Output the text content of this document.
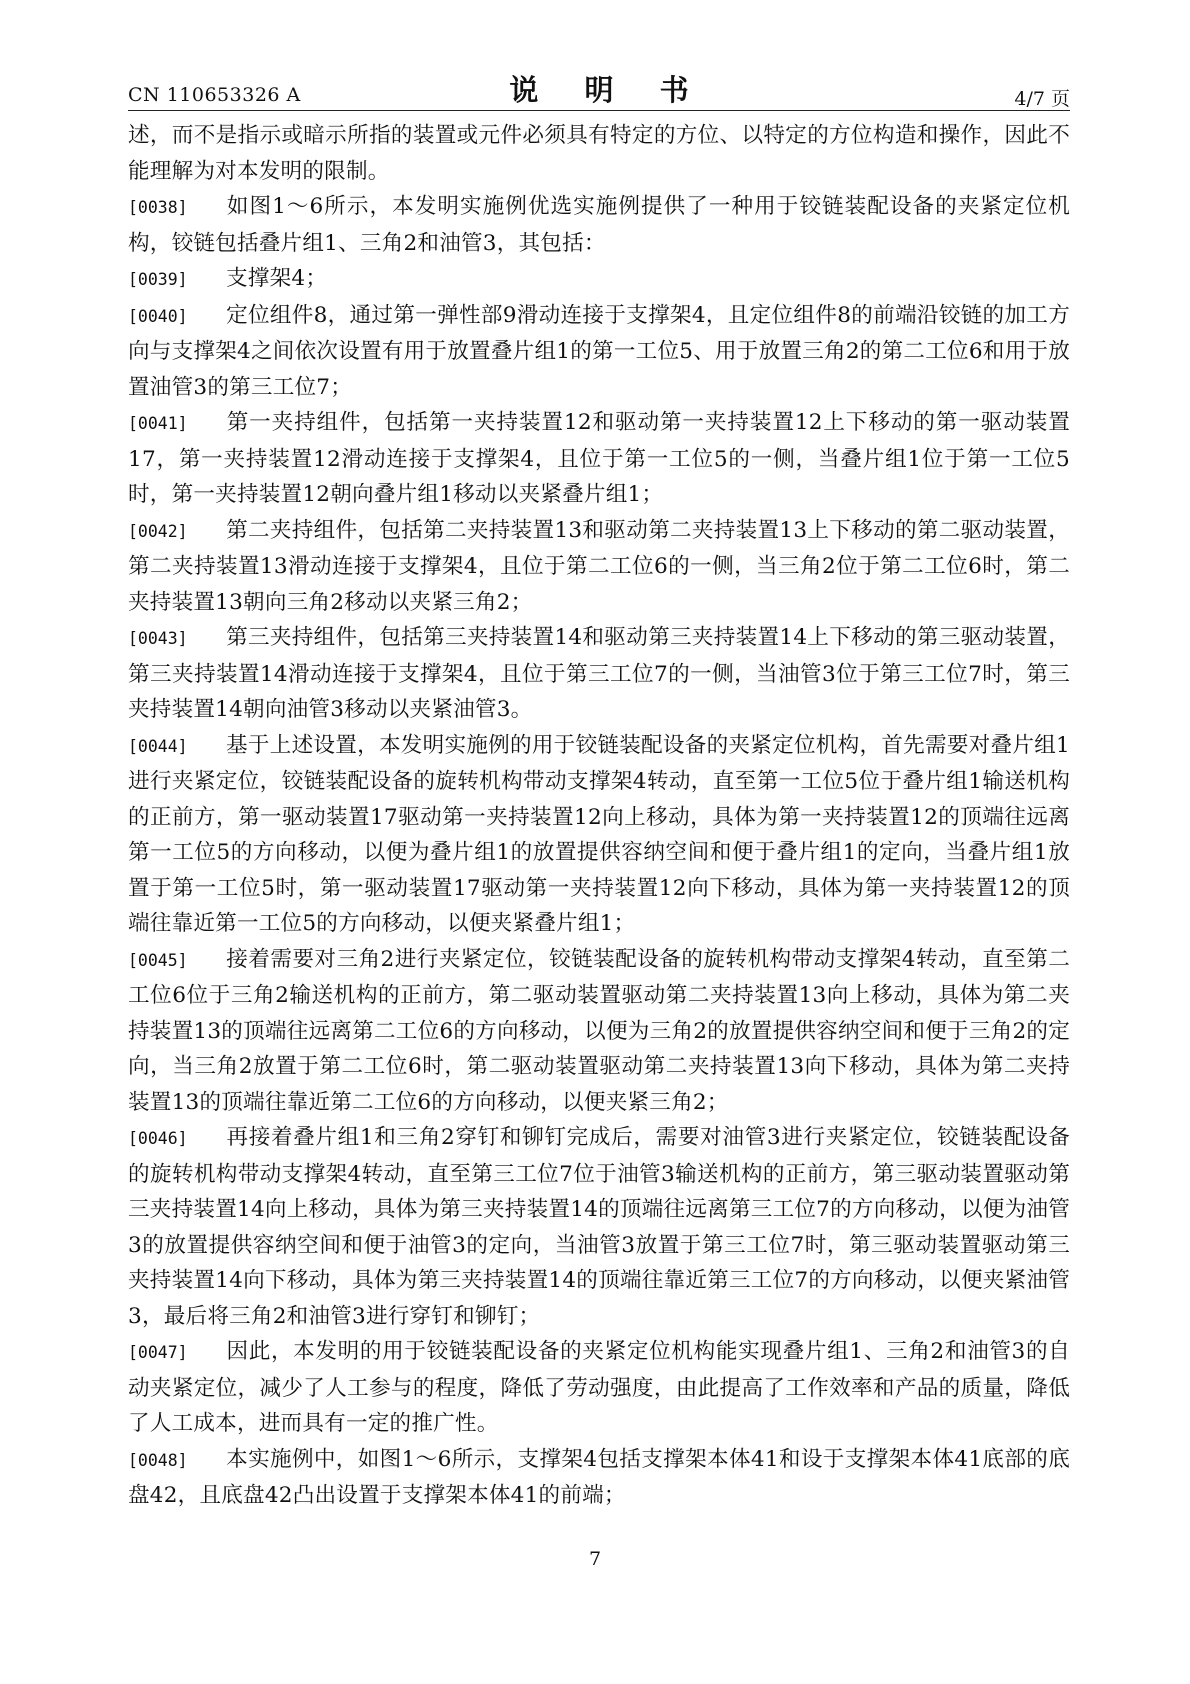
CN 110653326 A	说 明 书	4/7 页

述，而不是指示或暗示所指的装置或元件必须具有特定的方位、以特定的方位构造和操作，因此不能理解为对本发明的限制。

[0038] 如图1～6所示，本发明实施例优选实施例提供了一种用于铰链装配设备的夹紧定位机构，铰链包括叠片组1、三角2和油管3，其包括：

[0039] 支撑架4；

[0040] 定位组件8，通过第一弹性部9滑动连接于支撑架4，且定位组件8的前端沿铰链的加工方向与支撑架4之间依次设置有用于放置叠片组1的第一工位5、用于放置三角2的第二工位6和用于放置油管3的第三工位7；

[0041] 第一夹持组件，包括第一夹持装置12和驱动第一夹持装置12上下移动的第一驱动装置17，第一夹持装置12滑动连接于支撑架4，且位于第一工位5的一侧，当叠片组1位于第一工位5时，第一夹持装置12朝向叠片组1移动以夹紧叠片组1；

[0042] 第二夹持组件，包括第二夹持装置13和驱动第二夹持装置13上下移动的第二驱动装置，第二夹持装置13滑动连接于支撑架4，且位于第二工位6的一侧，当三角2位于第二工位6时，第二夹持装置13朝向三角2移动以夹紧三角2；

[0043] 第三夹持组件，包括第三夹持装置14和驱动第三夹持装置14上下移动的第三驱动装置，第三夹持装置14滑动连接于支撑架4，且位于第三工位7的一侧，当油管3位于第三工位7时，第三夹持装置14朝向油管3移动以夹紧油管3。

[0044] 基于上述设置，本发明实施例的用于铰链装配设备的夹紧定位机构，首先需要对叠片组1进行夹紧定位，铰链装配设备的旋转机构带动支撑架4转动，直至第一工位5位于叠片组1输送机构的正前方，第一驱动装置17驱动第一夹持装置12向上移动，具体为第一夹持装置12的顶端往远离第一工位5的方向移动，以便为叠片组1的放置提供容纳空间和便于叠片组1的定向，当叠片组1放置于第一工位5时，第一驱动装置17驱动第一夹持装置12向下移动，具体为第一夹持装置12的顶端往靠近第一工位5的方向移动，以便夹紧叠片组1；

[0045] 接着需要对三角2进行夹紧定位，铰链装配设备的旋转机构带动支撑架4转动，直至第二工位6位于三角2输送机构的正前方，第二驱动装置驱动第二夹持装置13向上移动，具体为第二夹持装置13的顶端往远离第二工位6的方向移动，以便为三角2的放置提供容纳空间和便于三角2的定向，当三角2放置于第二工位6时，第二驱动装置驱动第二夹持装置13向下移动，具体为第二夹持装置13的顶端往靠近第二工位6的方向移动，以便夹紧三角2；

[0046] 再接着叠片组1和三角2穿钉和铆钉完成后，需要对油管3进行夹紧定位，铰链装配设备的旋转机构带动支撑架4转动，直至第三工位7位于油管3输送机构的正前方，第三驱动装置驱动第三夹持装置14向上移动，具体为第三夹持装置14的顶端往远离第三工位7的方向移动，以便为油管3的放置提供容纳空间和便于油管3的定向，当油管3放置于第三工位7时，第三驱动装置驱动第三夹持装置14向下移动，具体为第三夹持装置14的顶端往靠近第三工位7的方向移动，以便夹紧油管3，最后将三角2和油管3进行穿钉和铆钉；

[0047] 因此，本发明的用于铰链装配设备的夹紧定位机构能实现叠片组1、三角2和油管3的自动夹紧定位，减少了人工参与的程度，降低了劳动强度，由此提高了工作效率和产品的质量，降低了人工成本，进而具有一定的推广性。

[0048] 本实施例中，如图1～6所示，支撑架4包括支撑架本体41和设于支撑架本体41底部的底盘42，且底盘42凸出设置于支撑架本体41的前端；

7
